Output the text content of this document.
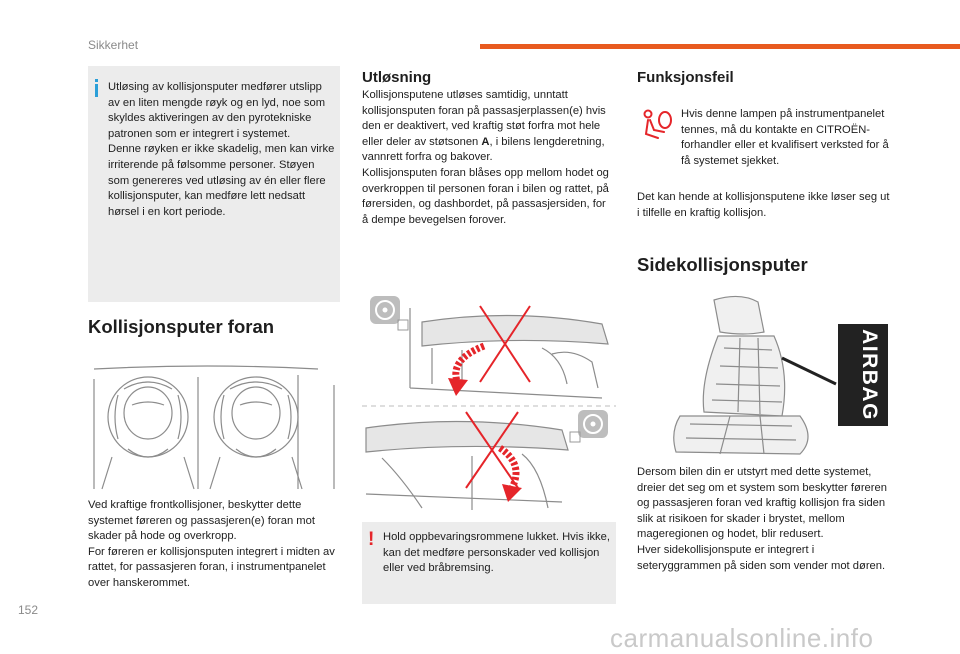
Sikkerhet

Utløsing av kollisjonsputer medfører utslipp av en liten mengde røyk og en lyd, noe som skyldes aktiveringen av den pyrotekniske patronen som er integrert i systemet.

Denne røyken er ikke skadelig, men kan virke irriterende på følsomme personer. Støyen som genereres ved utløsing av én eller flere kollisjonsputer, kan medføre lett nedsatt hørsel i en kort periode.

Kollisjonsputer foran

Ved kraftige frontkollisjoner, beskytter dette systemet føreren og passasjeren(e) foran mot skader på hode og overkropp.

For føreren er kollisjonsputen integrert i midten av rattet, for passasjeren foran, i instrumentpanelet over hanskerommet.

Utløsning

Kollisjonsputene utløses samtidig, unntatt kollisjonsputen foran på passasjerplassen(e) hvis den er deaktivert, ved kraftig støt forfra mot hele eller deler av støtsonen A, i bilens lengderetning, vannrett forfra og bakover.

Kollisjonsputen foran blåses opp mellom hodet og overkroppen til personen foran i bilen og rattet, på førersiden, og dashbordet, på passasjersiden, for å dempe bevegelsen forover.

! Hold oppbevaringsrommene lukket. Hvis ikke, kan det medføre personskader ved kollisjon eller ved bråbremsing.
Funksjonsfeil
Hvis denne lampen på instrumentpanelet tennes, må du kontakte en CITROËN-forhandler eller et kvalifisert verksted for å få systemet sjekket.
Det kan hende at kollisjonsputene ikke løser seg ut i tilfelle en kraftig kollisjon.
Sidekollisjonsputer
AIRBAG

Dersom bilen din er utstyrt med dette systemet, dreier det seg om et system som beskytter føreren og passasjeren foran ved kraftig kollisjon fra siden slik at risikoen for skader i brystet, mellom mageregionen og hodet, blir redusert.

Hver sidekollisjonspute er integrert i seteryggrammen på siden som vender mot døren.

152
carmanualsonline.info
